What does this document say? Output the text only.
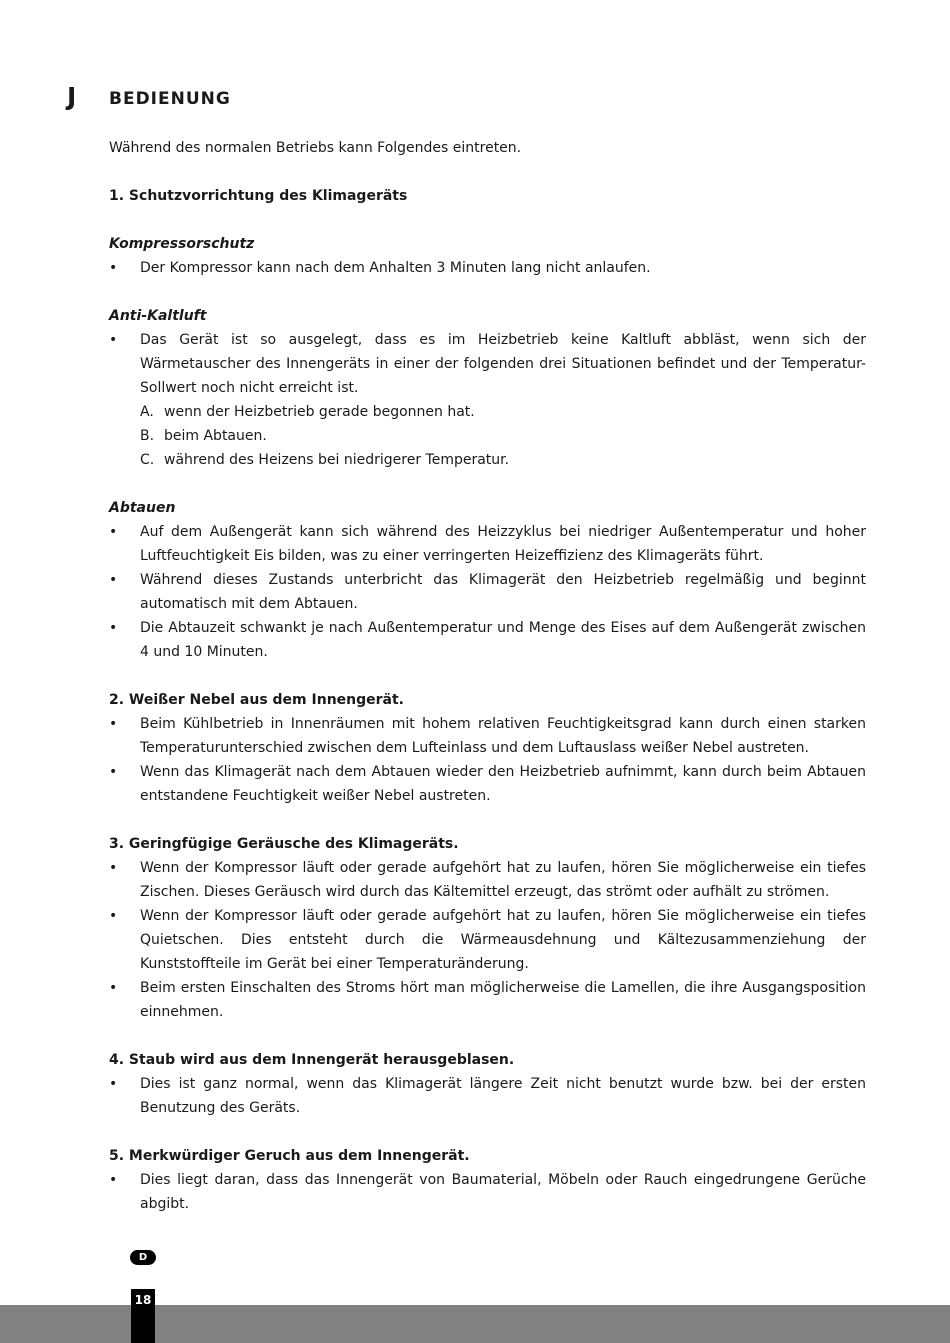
J BEDIENUNG

Während des normalen Betriebs kann Folgendes eintreten.

1. Schutzvorrichtung des Klimageräts

Kompressorschutz

• Der Kompressor kann nach dem Anhalten 3 Minuten lang nicht anlaufen.

Anti-Kaltluft

• Das Gerät ist so ausgelegt, dass es im Heizbetrieb keine Kaltluft abbläst, wenn sich der Wärmetauscher des Innengeräts in einer der folgenden drei Situationen befindet und der Temperatur-Sollwert noch nicht erreicht ist.
A. wenn der Heizbetrieb gerade begonnen hat.
B. beim Abtauen.
C. während des Heizens bei niedrigerer Temperatur.

Abtauen

• Auf dem Außengerät kann sich während des Heizzyklus bei niedriger Außentemperatur und hoher Luftfeuchtigkeit Eis bilden, was zu einer verringerten Heizeffizienz des Klimageräts führt.
• Während dieses Zustands unterbricht das Klimagerät den Heizbetrieb regelmäßig und beginnt automatisch mit dem Abtauen.
• Die Abtauzeit schwankt je nach Außentemperatur und Menge des Eises auf dem Außengerät zwischen 4 und 10 Minuten.

2. Weißer Nebel aus dem Innengerät.

• Beim Kühlbetrieb in Innenräumen mit hohem relativen Feuchtigkeitsgrad kann durch einen starken Temperaturunterschied zwischen dem Lufteinlass und dem Luftauslass weißer Nebel austreten.
• Wenn das Klimagerät nach dem Abtauen wieder den Heizbetrieb aufnimmt, kann durch beim Abtauen entstandene Feuchtigkeit weißer Nebel austreten.

3. Geringfügige Geräusche des Klimageräts.

• Wenn der Kompressor läuft oder gerade aufgehört hat zu laufen, hören Sie möglicherweise ein tiefes Zischen. Dieses Geräusch wird durch das Kältemittel erzeugt, das strömt oder aufhält zu strömen.
• Wenn der Kompressor läuft oder gerade aufgehört hat zu laufen, hören Sie möglicherweise ein tiefes Quietschen. Dies entsteht durch die Wärmeausdehnung und Kältezusammenziehung der Kunststoffteile im Gerät bei einer Temperaturänderung.
• Beim ersten Einschalten des Stroms hört man möglicherweise die Lamellen, die ihre Ausgangsposition einnehmen.

4. Staub wird aus dem Innengerät herausgeblasen.

• Dies ist ganz normal, wenn das Klimagerät längere Zeit nicht benutzt wurde bzw. bei der ersten Benutzung des Geräts.

5. Merkwürdiger Geruch aus dem Innengerät.

• Dies liegt daran, dass das Innengerät von Baumaterial, Möbeln oder Rauch eingedrungene Gerüche abgibt.
D
18
